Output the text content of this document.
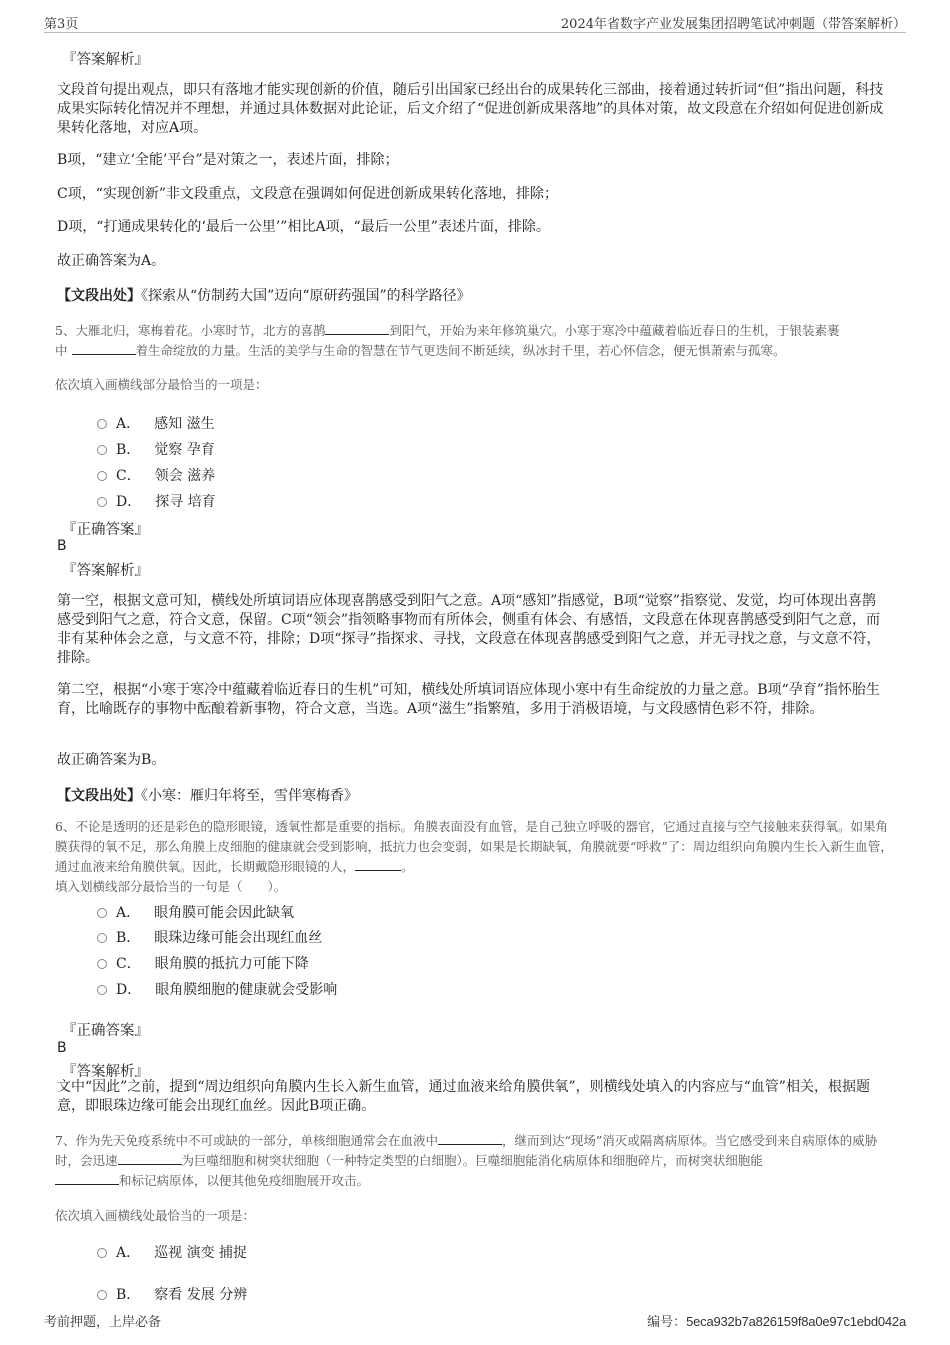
第3页	2024年省数字产业发展集团招聘笔试冲刺题（带答案解析）
『答案解析』

文段首句提出观点，即只有落地才能实现创新的价值，随后引出国家已经出台的成果转化三部曲，接着通过转折词“但”指出问题，科技成果实际转化情况并不理想，并通过具体数据对此论证，后文介绍了“促进创新成果落地”的具体对策，故文段意在介绍如何促进创新成果转化落地，对应A项。

B项，“建立‘全能’平台”是对策之一，表述片面，排除；

C项，“实现创新”非文段重点，文段意在强调如何促进创新成果转化落地，排除；

D项，“打通成果转化的‘最后一公里’”相比A项，“最后一公里”表述片面，排除。

故正确答案为A。

【文段出处】《探索从“仿制药大国”迈向“原研药强国”的科学路径》

5、大雁北归，寒梅着花。小寒时节，北方的喜鹊	到阳气，开始为来年修筑巢穴。小寒于寒冷中蕴藏着临近春日的生机，于银装素裹
中	着生命绽放的力量。生活的美学与生命的智慧在节气更迭间不断延续，纵冰封千里，若心怀信念，便无惧萧索与孤寒。

依次填入画横线部分最恰当的一项是：

A． 感知 滋生
B． 觉察 孕育
C． 领会 滋养
D． 探寻 培育
『正确答案』
B
『答案解析』

第一空，根据文意可知，横线处所填词语应体现喜鹊感受到阳气之意。A项“感知”指感觉，B项“觉察”指察觉、发觉，均可体现出喜鹊感受到阳气之意，符合文意，保留。C项“领会”指领略事物而有所体会，侧重有体会、有感悟，文段意在体现喜鹊感受到阳气之意，而非有某种体会之意，与文意不符，排除；D项“探寻”指探求、寻找，文段意在体现喜鹊感受到阳气之意，并无寻找之意，与文意不符，排除。

第二空，根据“小寒于寒冷中蕴藏着临近春日的生机”可知，横线处所填词语应体现小寒中有生命绽放的力量之意。B项“孕育”指怀胎生育，比喻既存的事物中酝酿着新事物，符合文意，当选。A项“滋生”指繁殖，多用于消极语境，与文段感情色彩不符，排除。

故正确答案为B。

【文段出处】《小寒：雁归年将至，雪伴寒梅香》

6、不论是透明的还是彩色的隐形眼镜，透氧性都是重要的指标。角膜表面没有血管，是自己独立呼吸的器官，它通过直接与空气接触来获得氧。如果角膜获得的氧不足，那么角膜上皮细胞的健康就会受到影响，抵抗力也会变弱，如果是长期缺氧，角膜就要“呼救”了：周边组织向角膜内生长入新生血管，通过血液来给角膜供氧。因此，长期戴隐形眼镜的人，	。

填入划横线部分最恰当的一句是（　　）。

A． 眼角膜可能会因此缺氧
B． 眼珠边缘可能会出现红血丝
C． 眼角膜的抵抗力可能下降
D． 眼角膜细胞的健康就会受影响
『正确答案』
B
『答案解析』

文中“因此”之前，提到“周边组织向角膜内生长入新生血管，通过血液来给角膜供氧”，则横线处填入的内容应与“血管”相关，根据题意，即眼珠边缘可能会出现红血丝。因此B项正确。

7、作为先天免疫系统中不可或缺的一部分，单核细胞通常会在血液中	，继而到达“现场”消灭或隔离病原体。当它感受到来自病原体的威胁时，会迅速	为巨噬细胞和树突状细胞（一种特定类型的白细胞）。巨噬细胞能消化病原体和细胞碎片，而树突状细胞能
和标记病原体，以便其他免疫细胞展开攻击。

依次填入画横线处最恰当的一项是：

A． 巡视 演变 捕捉
B． 察看 发展 分辨
考前押题，上岸必备	编号：5eca932b7a826159f8a0e97c1ebd042a
